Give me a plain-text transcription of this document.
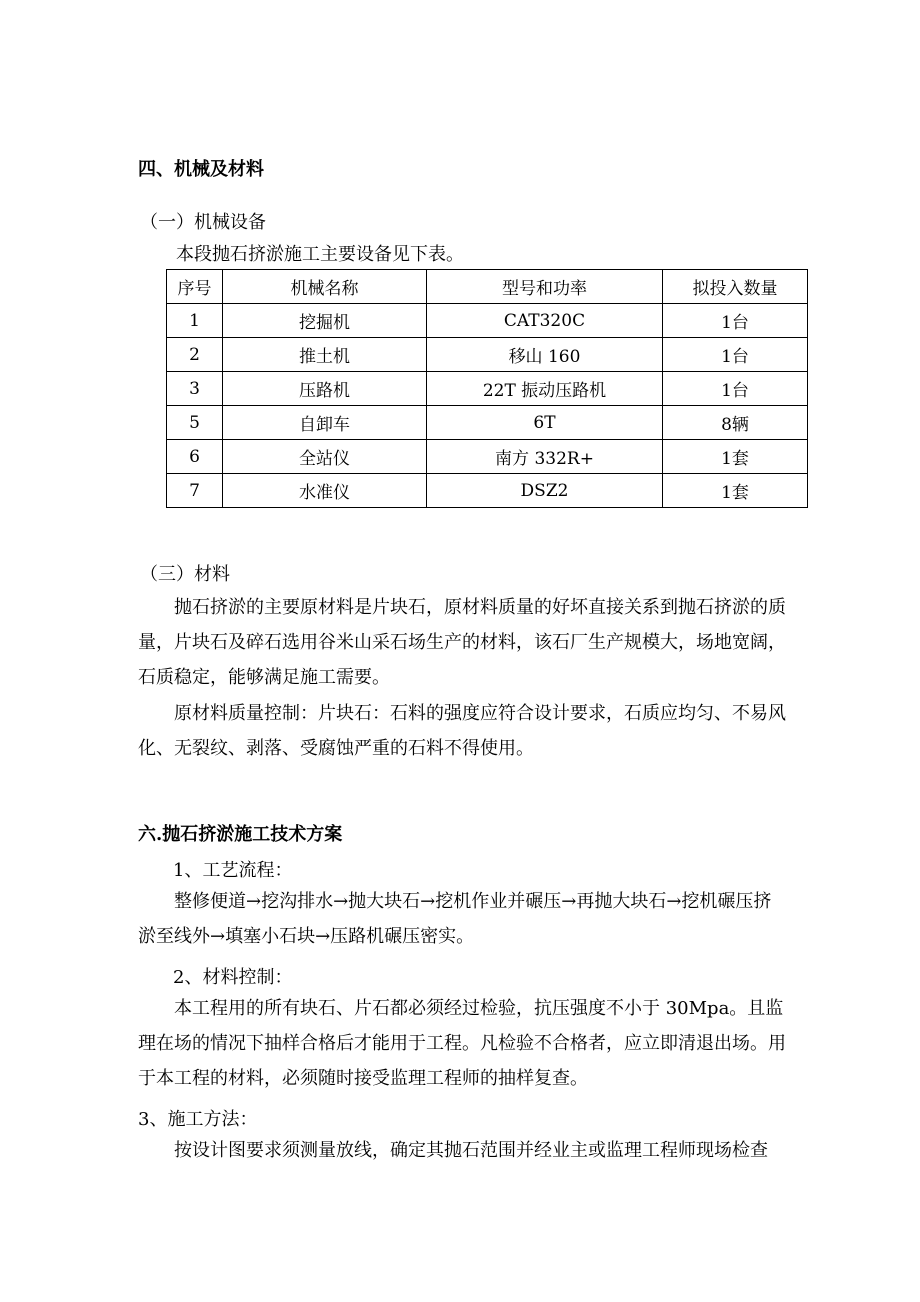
四、机械及材料
（一）机械设备
本段抛石挤淤施工主要设备见下表。
序号	机械名称	型号和功率	拟投入数量
1	挖掘机	CAT320C	1台
2	推土机	移山 160	1台
3	压路机	22T 振动压路机	1台
5	自卸车	6T	8辆
6	全站仪	南方 332R+	1套
7	水准仪	DSZ2	1套
（三）材料
抛石挤淤的主要原材料是片块石，原材料质量的好坏直接关系到抛石挤淤的质量，片块石及碎石选用谷米山采石场生产的材料，该石厂生产规模大，场地宽阔，石质稳定，能够满足施工需要。
原材料质量控制：片块石：石料的强度应符合设计要求，石质应均匀、不易风化、无裂纹、剥落、受腐蚀严重的石料不得使用。
六.抛石挤淤施工技术方案
1、工艺流程：
整修便道→挖沟排水→抛大块石→挖机作业并碾压→再抛大块石→挖机碾压挤淤至线外→填塞小石块→压路机碾压密实。
2、材料控制：
本工程用的所有块石、片石都必须经过检验，抗压强度不小于 30Mpa。且监理在场的情况下抽样合格后才能用于工程。凡检验不合格者，应立即清退出场。用于本工程的材料，必须随时接受监理工程师的抽样复查。
3、施工方法：
按设计图要求须测量放线，确定其抛石范围并经业主或监理工程师现场检查
